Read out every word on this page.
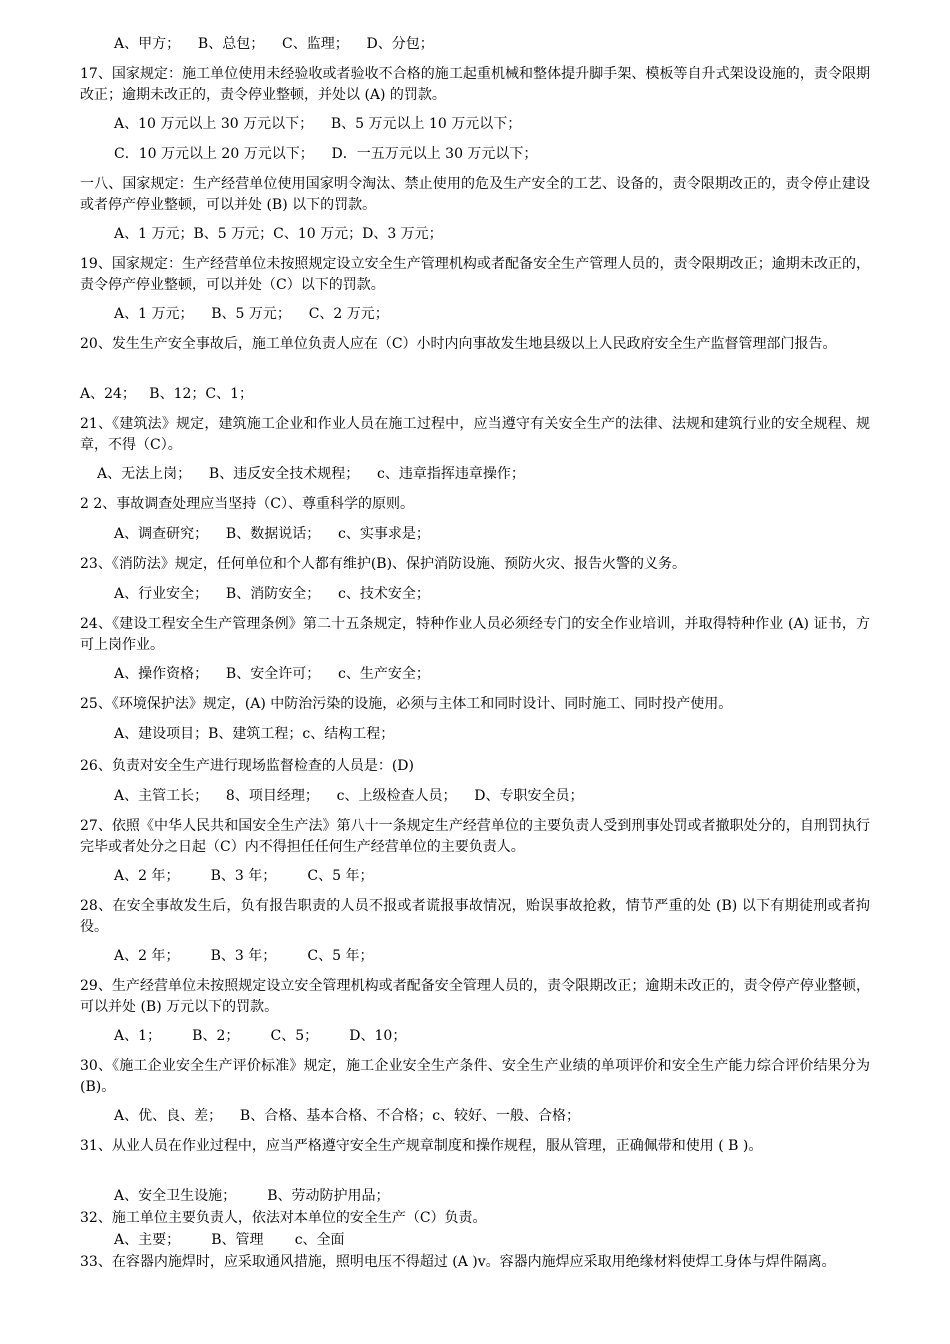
A、甲方；    B、总包；    C、监理；    D、分包；

17、国家规定：施工单位使用未经验收或者验收不合格的施工起重机械和整体提升脚手架、模板等自升式架设设施的，责令限期改正；逾期未改正的，责令停业整顿，并处以 (A) 的罚款。

A、10 万元以上 30 万元以下；    B、5 万元以上 10 万元以下；

C．10 万元以上 20 万元以下；    D．一五万元以上 30 万元以下；

一八、国家规定：生产经营单位使用国家明令淘汰、禁止使用的危及生产安全的工艺、设备的，责令限期改正的，责令停止建设或者停产停业整顿，可以并处 (B) 以下的罚款。

A、1 万元；B、5 万元；C、10 万元；D、3 万元；

19、国家规定：生产经营单位未按照规定设立安全生产管理机构或者配备安全生产管理人员的，责令限期改正；逾期未改正的，责令停产停业整顿，可以并处（C）以下的罚款。

A、1 万元；    B、5 万元；    C、2 万元；

20、发生生产安全事故后，施工单位负责人应在（C）小时内向事故发生地县级以上人民政府安全生产监督管理部门报告。

A、24；   B、12；C、1；

21、《建筑法》规定，建筑施工企业和作业人员在施工过程中，应当遵守有关安全生产的法律、法规和建筑行业的安全规程、规章，不得（C）。

A、无法上岗；    B、违反安全技术规程；    c、违章指挥违章操作；

2 2、事故调查处理应当坚持（C）、尊重科学的原则。

A、调查研究；    B、数据说话；    c、实事求是；

23、《消防法》规定，任何单位和个人都有维护(B)、保护消防设施、预防火灾、报告火警的义务。

A、行业安全；    B、消防安全；    c、技术安全；

24、《建设工程安全生产管理条例》第二十五条规定，特种作业人员必须经专门的安全作业培训，并取得特种作业 (A) 证书，方可上岗作业。

A、操作资格；    B、安全许可；    c、生产安全；

25、《环境保护法》规定，(A) 中防治污染的设施，必须与主体工和同时设计、同时施工、同时投产使用。

A、建设项目；B、建筑工程；c、结构工程；

26、负责对安全生产进行现场监督检查的人员是：(D)

A、主管工长；    8、项目经理；    c、上级检查人员；    D、专职安全员；

27、依照《中华人民共和国安全生产法》第八十一条规定生产经营单位的主要负责人受到刑事处罚或者撤职处分的，自刑罚执行完毕或者处分之日起（C）内不得担任任何生产经营单位的主要负责人。

A、2 年；       B、3 年；       C、5 年；

28、在安全事故发生后，负有报告职责的人员不报或者谎报事故情况，贻误事故抢救，情节严重的处 (B) 以下有期徒刑或者拘役。

A、2 年；       B、3 年；       C、5 年；

29、生产经营单位未按照规定设立安全管理机构或者配备安全管理人员的，责令限期改正；逾期未改正的，责令停产停业整顿，可以并处 (B) 万元以下的罚款。

A、1；       B、2；       C、5；       D、10；

30、《施工企业安全生产评价标准》规定，施工企业安全生产条件、安全生产业绩的单项评价和安全生产能力综合评价结果分为 (B)。

A、优、良、差；    B、合格、基本合格、不合格；c、较好、一般、合格；

31、从业人员在作业过程中，应当严格遵守安全生产规章制度和操作规程，服从管理，正确佩带和使用 ( B )。

A、安全卫生设施；       B、劳动防护用品；

32、施工单位主要负责人，依法对本单位的安全生产（C）负责。

A、主要；       B、管理       c、全面

33、在容器内施焊时，应采取通风措施，照明电压不得超过 (A )v。容器内施焊应采取用绝缘材料使焊工身体与焊件隔离。
